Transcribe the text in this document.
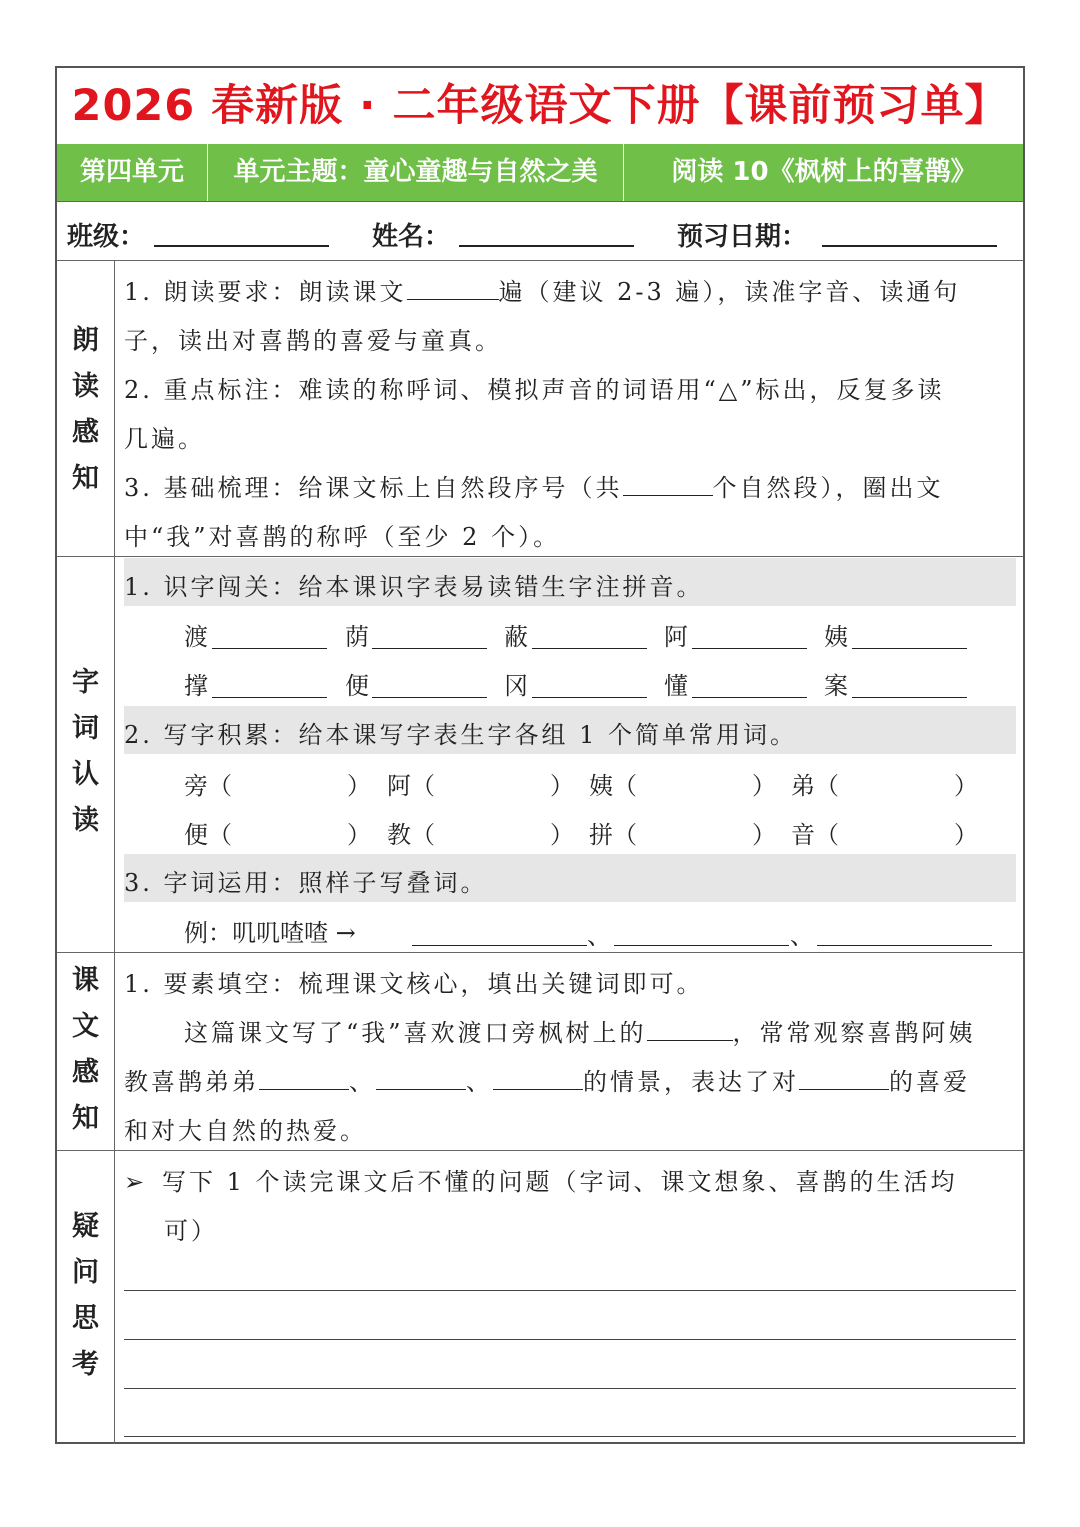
2026 春新版 · 二年级语文下册【课前预习单】
第四单元	单元主题：童心童趣与自然之美	阅读 10《枫树上的喜鹊》
班级：	姓名：	预习日期：
朗
读
感
知
1. 朗读要求：朗读课文	遍（建议 2-3 遍），读准字音、读通句
子，读出对喜鹊的喜爱与童真。
2. 重点标注：难读的称呼词、模拟声音的词语用“△”标出，反复多读
几遍。
3. 基础梳理：给课文标上自然段序号（共	个自然段），圈出文
中“我”对喜鹊的称呼（至少 2 个）。
字
词
认
读
1. 识字闯关：给本课识字表易读错生字注拼音。
渡	荫	蔽	阿	姨
撑	便	冈	懂	案
2. 写字积累：给本课写字表生字各组 1 个简单常用词。
旁（	） 阿（	） 姨（	） 弟（	）
便（	） 教（	） 拼（	） 音（	）
3. 字词运用：照样子写叠词。
例：叽叽喳喳 →	、	、
课
文
感
知
1. 要素填空：梳理课文核心，填出关键词即可。
这篇课文写了“我”喜欢渡口旁枫树上的	，常常观察喜鹊阿姨
教喜鹊弟弟	、	、	的情景，表达了对	的喜爱
和对大自然的热爱。
疑
问
思
考
➢ 写下 1 个读完课文后不懂的问题（字词、课文想象、喜鹊的生活均
可）
